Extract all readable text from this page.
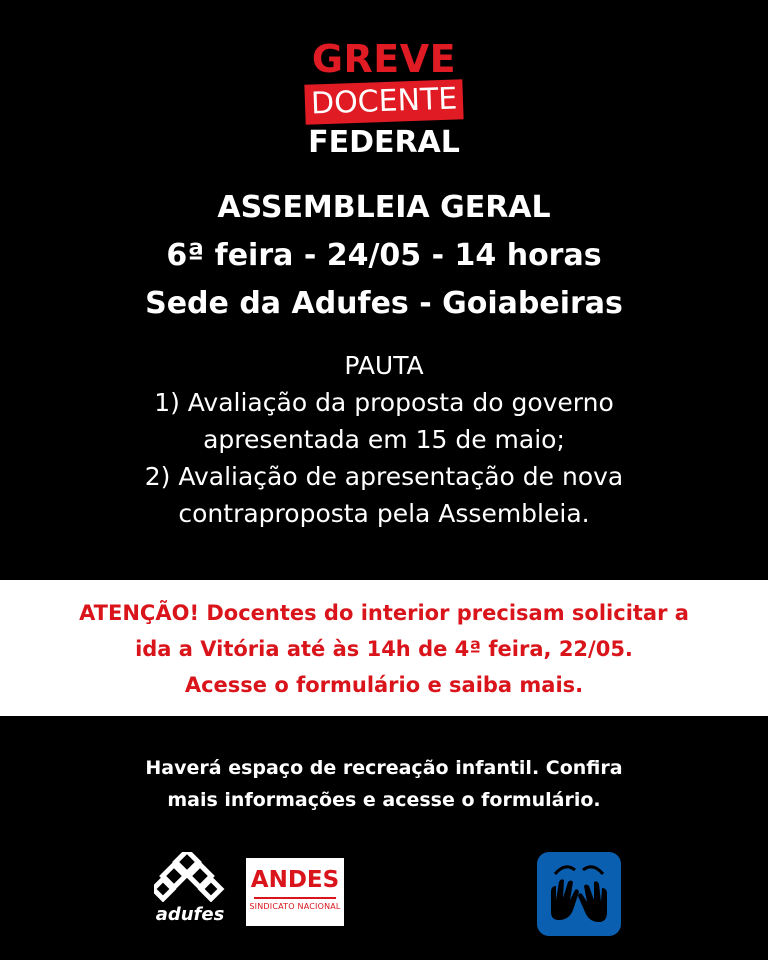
GREVE
DOCENTE
FEDERAL
ASSEMBLEIA GERAL
6ª feira - 24/05 - 14 horas
Sede da Adufes - Goiabeiras
PAUTA
1) Avaliação da proposta do governo
apresentada em 15 de maio;
2) Avaliação de apresentação de nova
contraproposta pela Assembleia.
ATENÇÃO! Docentes do interior precisam solicitar a
ida a Vitória até às 14h de 4ª feira, 22/05.
Acesse o formulário e saiba mais.
Haverá espaço de recreação infantil. Confira
mais informações e acesse o formulário.
adufes
ANDES
SINDICATO NACIONAL
